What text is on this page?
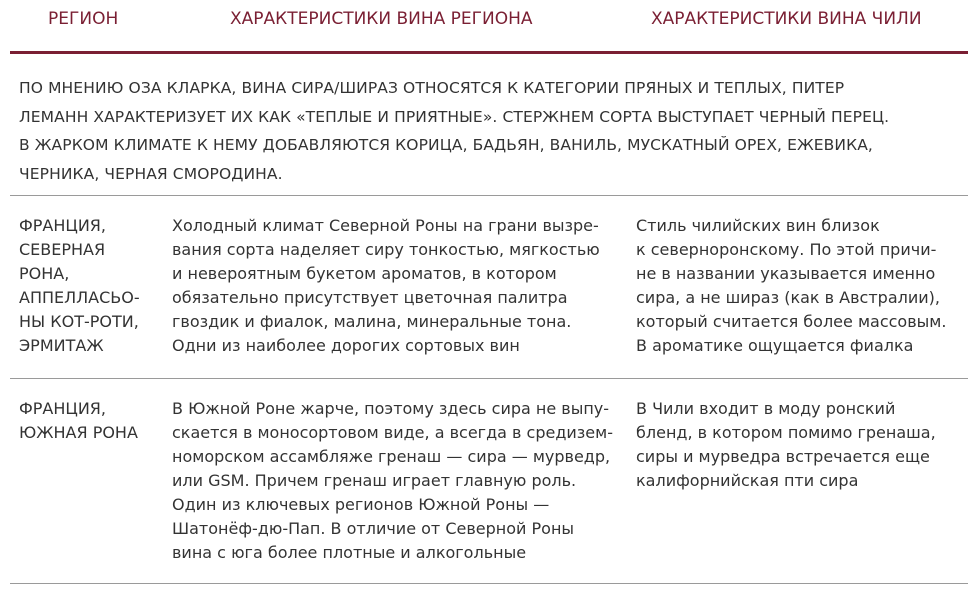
РЕГИОН	ХАРАКТЕРИСТИКИ ВИНА РЕГИОНА	ХАРАКТЕРИСТИКИ ВИНА ЧИЛИ
ПО МНЕНИЮ ОЗА КЛАРКА, ВИНА СИРА/ШИРАЗ ОТНОСЯТСЯ К КАТЕГОРИИ ПРЯНЫХ И ТЕПЛЫХ, ПИТЕР
ЛЕМАНН ХАРАКТЕРИЗУЕТ ИХ КАК «ТЕПЛЫЕ И ПРИЯТНЫЕ». СТЕРЖНЕМ СОРТА ВЫСТУПАЕТ ЧЕРНЫЙ ПЕРЕЦ.
В ЖАРКОМ КЛИМАТЕ К НЕМУ ДОБАВЛЯЮТСЯ КОРИЦА, БАДЬЯН, ВАНИЛЬ, МУСКАТНЫЙ ОРЕХ, ЕЖЕВИКА,
ЧЕРНИКА, ЧЕРНАЯ СМОРОДИНА.
ФРАНЦИЯ,
СЕВЕРНАЯ
РОНА,
АППЕЛЛАСЬО-
НЫ КОТ-РОТИ,
ЭРМИТАЖ
Холодный климат Северной Роны на грани вызре-
вания сорта наделяет сиру тонкостью, мягкостью
и невероятным букетом ароматов, в котором
обязательно присутствует цветочная палитра
гвоздик и фиалок, малина, минеральные тона.
Одни из наиболее дорогих сортовых вин
Стиль чилийских вин близок
к северноронскому. По этой причи-
не в названии указывается именно
сира, а не шираз (как в Австралии),
который считается более массовым.
В ароматике ощущается фиалка
ФРАНЦИЯ,
ЮЖНАЯ РОНА
В Южной Роне жарче, поэтому здесь сира не выпу-
скается в моносортовом виде, а всегда в средизем-
номорском ассамбляже гренаш — сира — мурведр,
или GSM. Причем гренаш играет главную роль.
Один из ключевых регионов Южной Роны —
Шатонёф-дю-Пап. В отличие от Северной Роны
вина с юга более плотные и алкогольные
В Чили входит в моду ронский
бленд, в котором помимо гренаша,
сиры и мурведра встречается еще
калифорнийская пти сира
